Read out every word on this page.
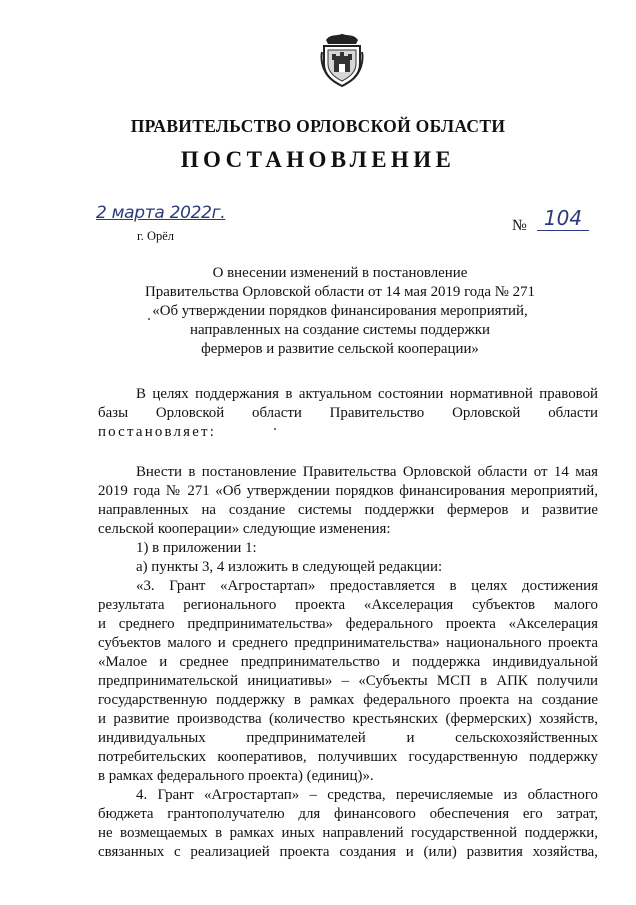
ПРАВИТЕЛЬСТВО ОРЛОВСКОЙ ОБЛАСТИ
ПОСТАНОВЛЕНИЕ
2 марта 2022г.
г. Орёл
№ 104
О внесении изменений в постановление
Правительства Орловской области от 14 мая 2019 года № 271
«Об утверждении порядков финансирования мероприятий,
направленных на создание системы поддержки
фермеров и развитие сельской кооперации»
В целях поддержания в актуальном состоянии нормативной правовой
базы Орловской области Правительство Орловской области
постановляет:
Внести в постановление Правительства Орловской области от 14 мая
2019 года № 271 «Об утверждении порядков финансирования мероприятий,
направленных на создание системы поддержки фермеров и развитие
сельской кооперации» следующие изменения:
1) в приложении 1:
а) пункты 3, 4 изложить в следующей редакции:
«3. Грант «Агростартап» предоставляется в целях достижения
результата регионального проекта «Акселерация субъектов малого
и среднего предпринимательства» федерального проекта «Акселерация
субъектов малого и среднего предпринимательства» национального проекта
«Малое и среднее предпринимательство и поддержка индивидуальной
предпринимательской инициативы» – «Субъекты МСП в АПК получили
государственную поддержку в рамках федерального проекта на создание
и развитие производства (количество крестьянских (фермерских) хозяйств,
индивидуальных предпринимателей и сельскохозяйственных
потребительских кооперативов, получивших государственную поддержку
в рамках федерального проекта) (единиц)».
4. Грант «Агростартап» – средства, перечисляемые из областного
бюджета грантополучателю для финансового обеспечения его затрат,
не возмещаемых в рамках иных направлений государственной поддержки,
связанных с реализацией проекта создания и (или) развития хозяйства,
